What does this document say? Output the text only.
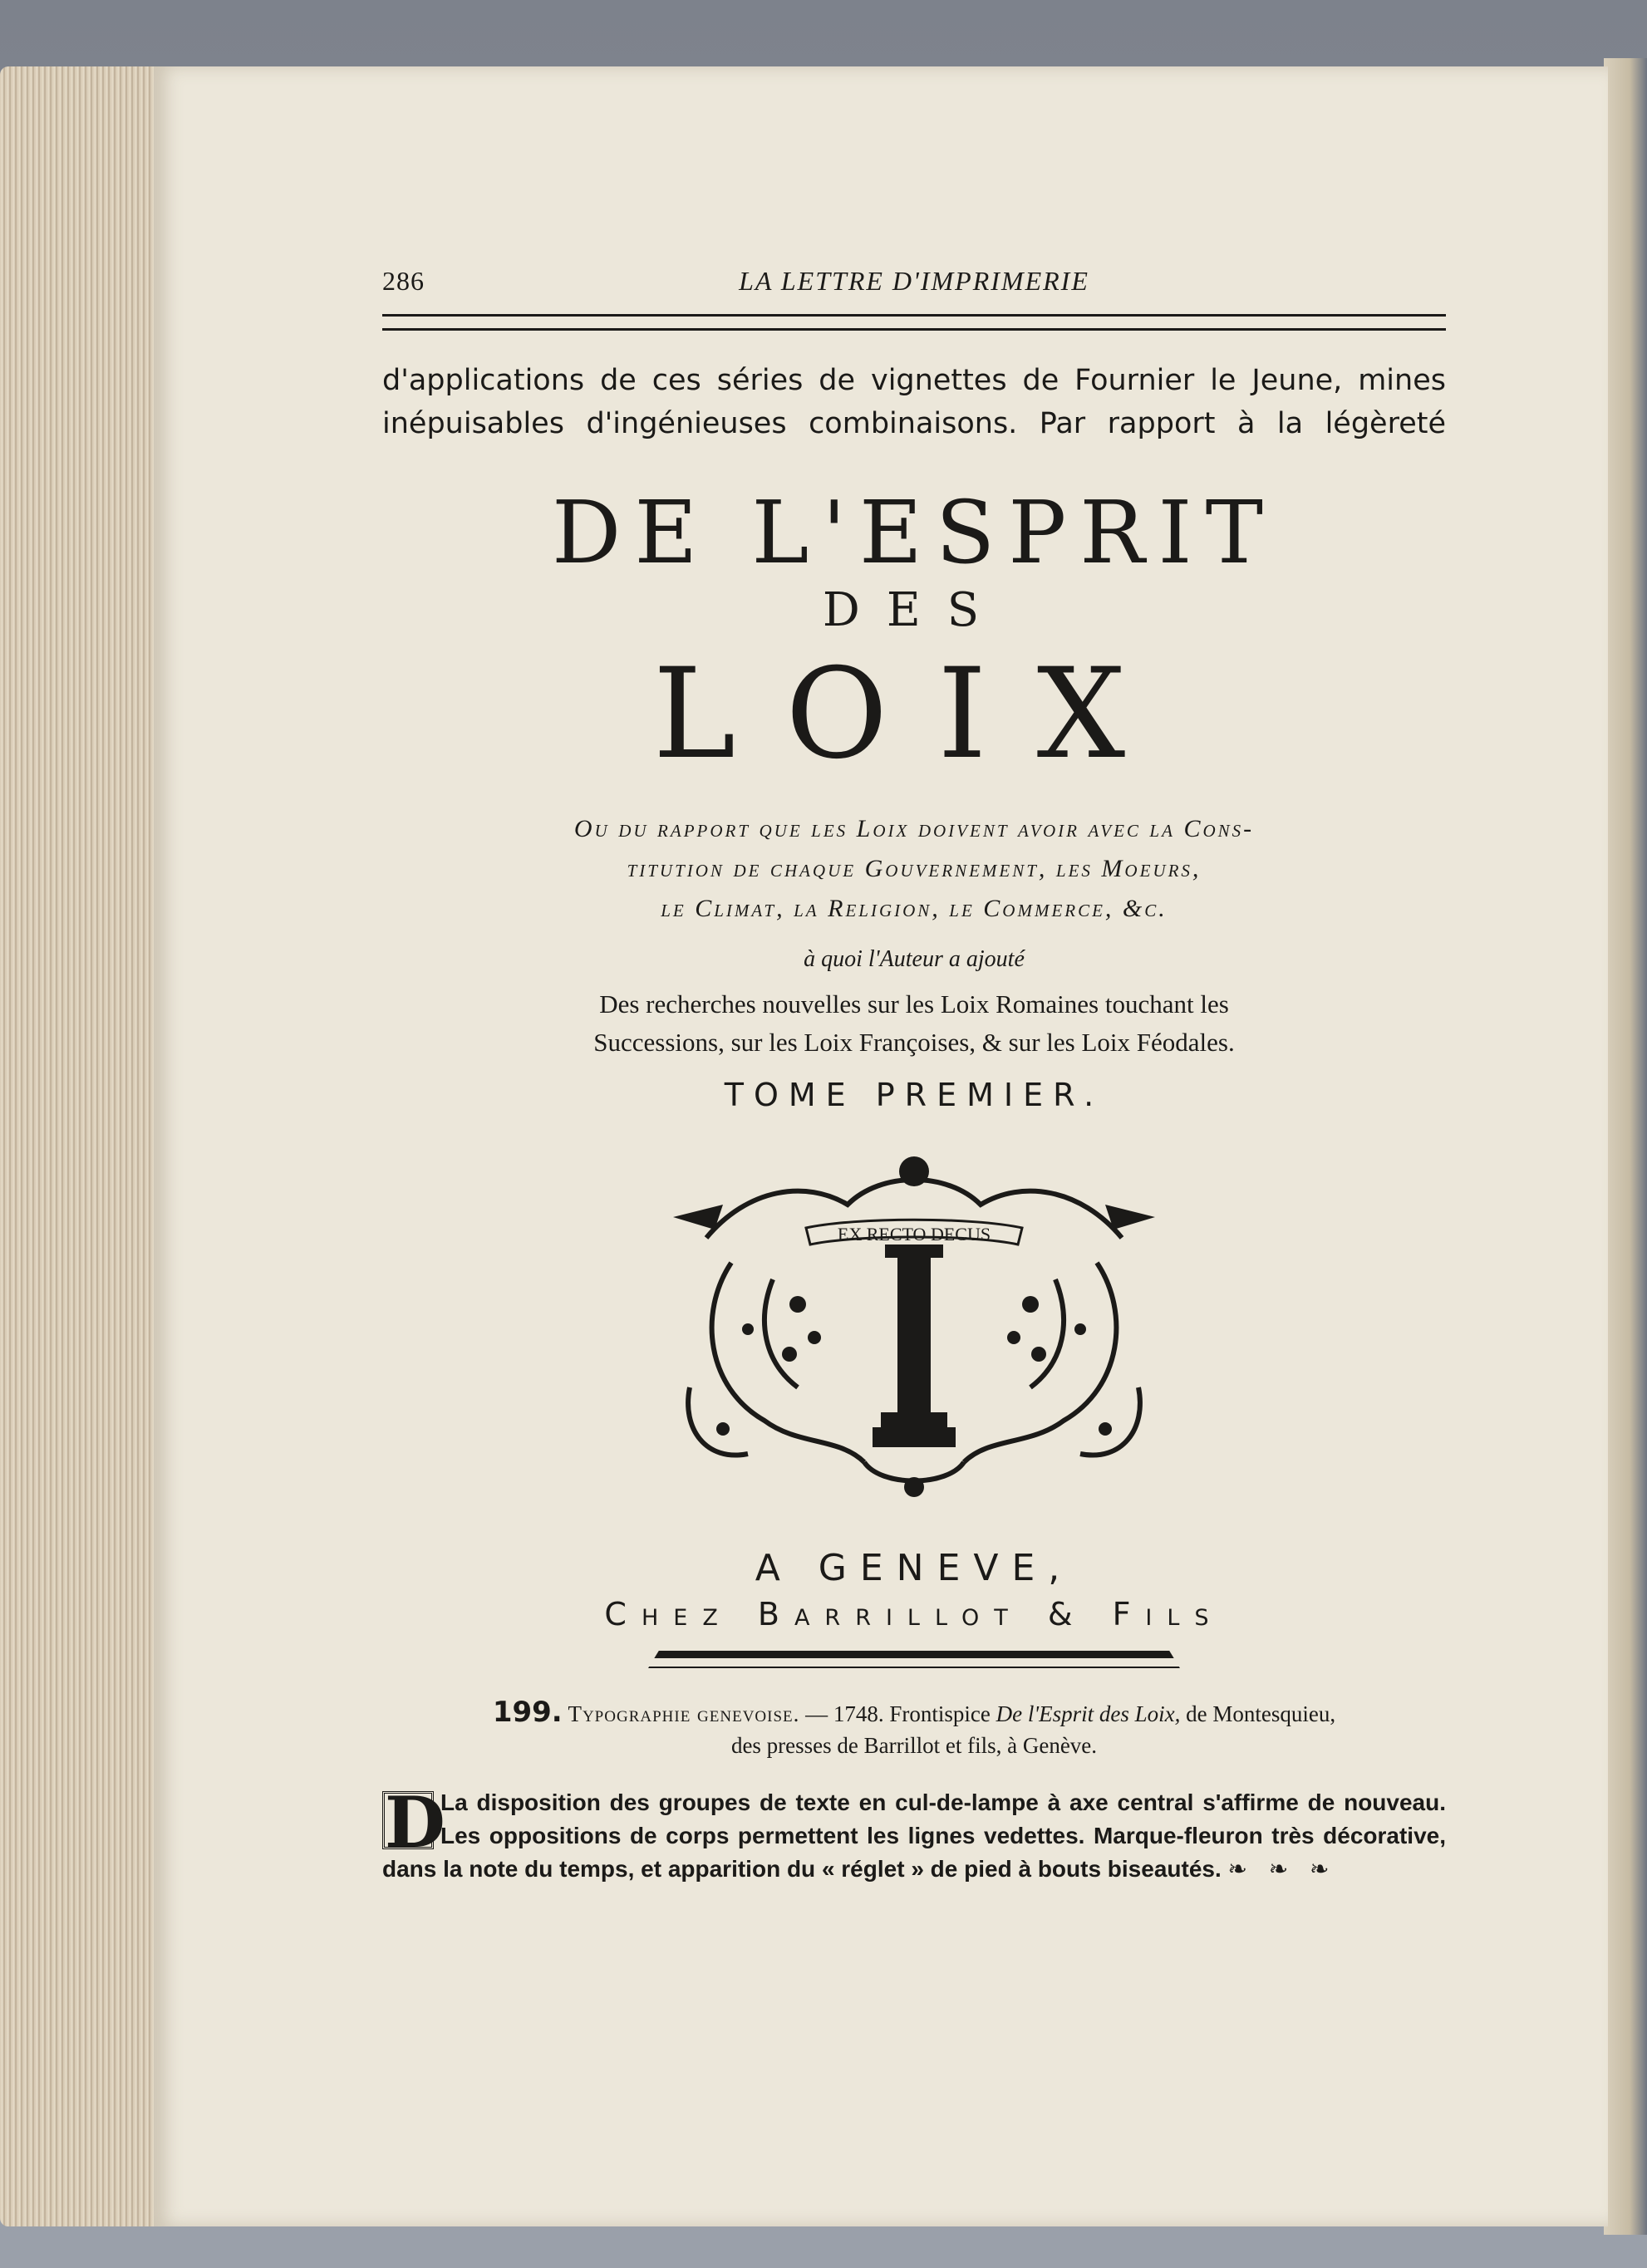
286	LA LETTRE D'IMPRIMERIE
d'applications de ces séries de vignettes de Fournier le Jeune, mines inépuisables d'ingénieuses combinaisons. Par rapport à la légèreté
DE L'ESPRIT
DES
LOIX
Ou du rapport que les Loix doivent avoir avec la Cons-
titution de chaque Gouvernement, les Moeurs,
le Climat, la Religion, le Commerce, &c.
à quoi l'Auteur a ajouté
Des recherches nouvelles sur les Loix Romaines touchant les
Successions, sur les Loix Françoises, & sur les Loix Féodales.
TOME PREMIER.
EX RECTO DECUS
A GENEVE,
Chez Barrillot & Fils
199. Typographie genevoise. — 1748. Frontispice De l'Esprit des Loix, de Montesquieu,
des presses de Barrillot et fils, à Genève.
D
La disposition des groupes de texte en cul-de-lampe à axe central s'affirme de nouveau. Les oppositions de corps permettent les lignes vedettes. Marque-fleuron très décorative, dans la note du temps, et apparition du « réglet » de pied à bouts biseautés. ❧ ❧ ❧
